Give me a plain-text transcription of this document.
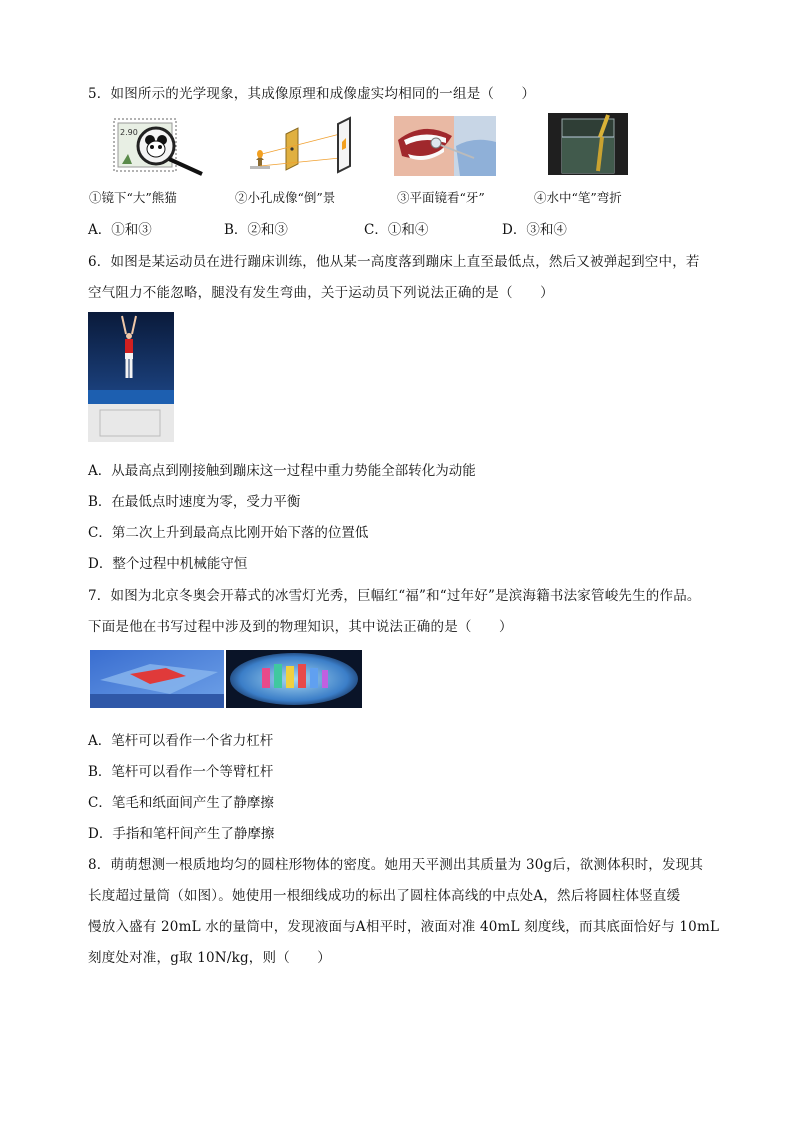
5．如图所示的光学现象，其成像原理和成像虚实均相同的一组是（　　）
2.90
①镜下“大”熊猫	②小孔成像“倒”景	③平面镜看“牙”	④水中“笔”弯折
A．①和③	B．②和③	C．①和④	D．③和④
6．如图是某运动员在进行蹦床训练，他从某一高度落到蹦床上直至最低点，然后又被弹起到空中，若
空气阻力不能忽略，腿没有发生弯曲，关于运动员下列说法正确的是（　　）
A．从最高点到刚接触到蹦床这一过程中重力势能全部转化为动能
B．在最低点时速度为零，受力平衡
C．第二次上升到最高点比刚开始下落的位置低
D．整个过程中机械能守恒
7．如图为北京冬奥会开幕式的冰雪灯光秀，巨幅红“福”和“过年好”是滨海籍书法家管峻先生的作品。
下面是他在书写过程中涉及到的物理知识，其中说法正确的是（　　）
A．笔杆可以看作一个省力杠杆
B．笔杆可以看作一个等臂杠杆
C．笔毛和纸面间产生了静摩擦
D．手指和笔杆间产生了静摩擦
8．萌萌想测一根质地均匀的圆柱形物体的密度。她用天平测出其质量为 30g后，欲测体积时，发现其
长度超过量筒（如图）。她使用一根细线成功的标出了圆柱体高线的中点处A，然后将圆柱体竖直缓
慢放入盛有 20mL 水的量筒中，发现液面与A相平时，液面对准 40mL 刻度线，而其底面恰好与 10mL
刻度处对准，g取 10N/kg，则（　　）
